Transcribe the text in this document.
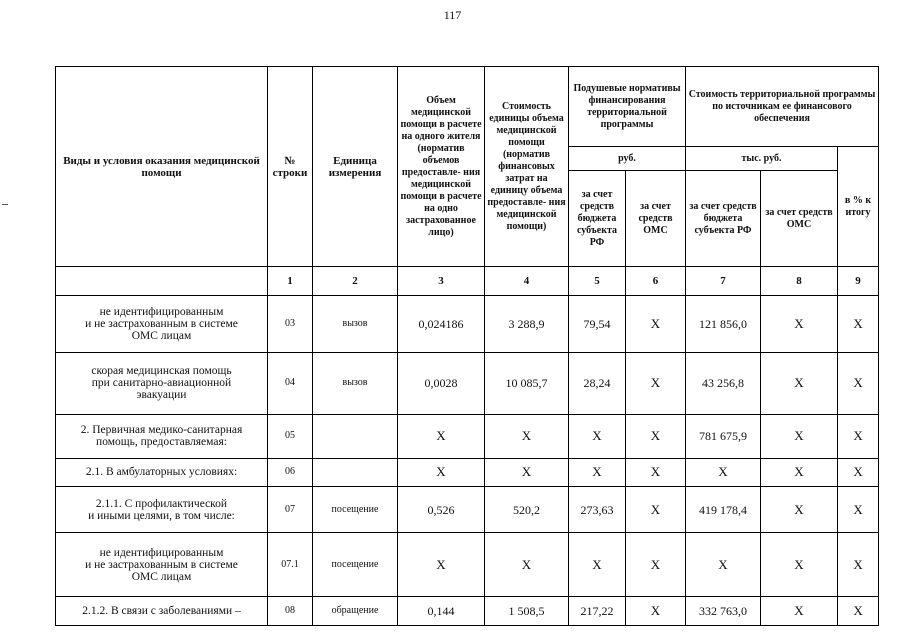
117
Виды и условия оказания медицинской помощи	№ строки	Единица измерения	Объем медицинской помощи в расчете на одного жителя (норматив объемов предоставле- ния медицинской помощи в расчете на одно застрахованное лицо)	Стоимость единицы объема медицинской помощи (норматив финансовых затрат на единицу объема предоставле- ния медицинской помощи)	Подушевые нормативы финансирования территориальной программы		Стоимость территориальной программы по источникам ее финансового обеспечения		
					руб.		тыс. руб.		в % к итогу
					за счет средств бюджета субъекта РФ	за счет средств ОМС	за счет средств бюджета субъекта РФ	за счет средств ОМС	
	1	2	3	4	5	6	7	8	9
не идентифицированным
и не застрахованным в системе
ОМС лицам	03	вызов	0,024186	3 288,9	79,54	Х	121 856,0	Х	Х
скорая медицинская помощь
при санитарно-авиационной
эвакуации	04	вызов	0,0028	10 085,7	28,24	Х	43 256,8	Х	Х
2. Первичная медико-санитарная
помощь, предоставляемая:	05		Х	Х	Х	Х	781 675,9	Х	Х
2.1. В амбулаторных условиях:	06		Х	Х	Х	Х	Х	Х	Х
2.1.1. С профилактической
и иными целями, в том числе:	07	посещение	0,526	520,2	273,63	Х	419 178,4	Х	Х
не идентифицированным
и не застрахованным в системе
ОМС лицам	07.1	посещение	Х	Х	Х	Х	Х	Х	Х
2.1.2. В связи с заболеваниями –	08	обращение	0,144	1 508,5	217,22	Х	332 763,0	Х	Х
